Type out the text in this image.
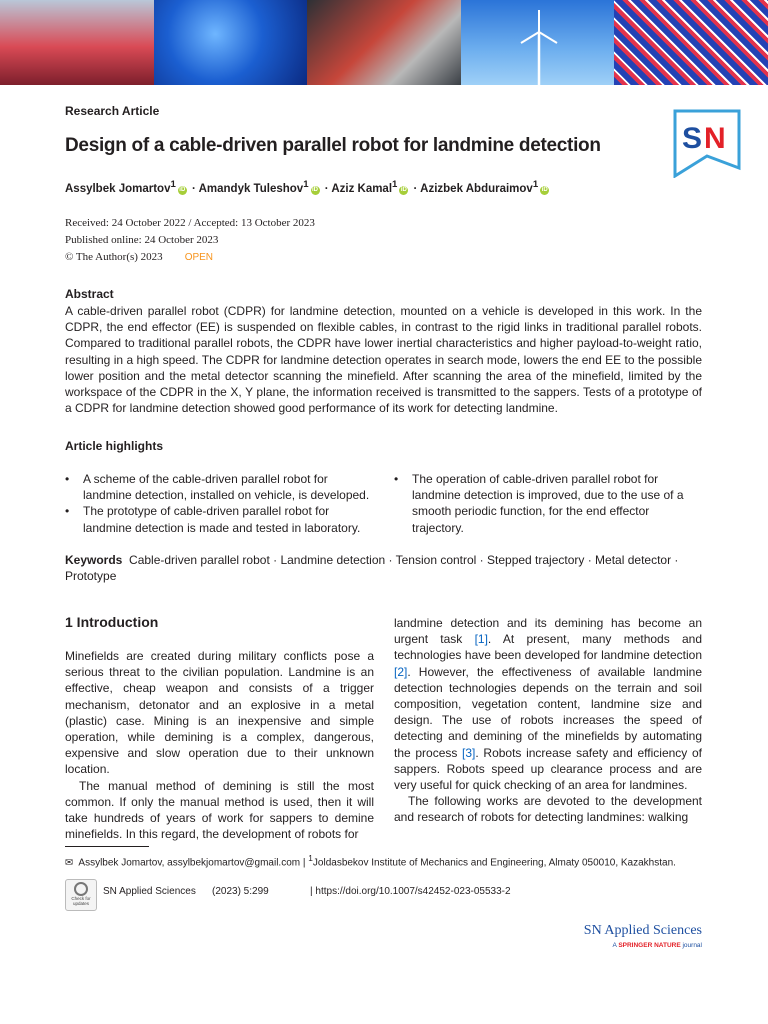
S N
Research Article
Design of a cable-driven parallel robot for landmine detection
Assylbek Jomartov$^1$ iD · Amandyk Tuleshov$^1$ iD · Aziz Kamal$^1$ iD · Azizbek Abduraimov$^1$ iD
Received: 24 October 2022 / Accepted: 13 October 2023
Published online: 24 October 2023
© The Author(s) 2023 OPEN
Abstract
A cable-driven parallel robot (CDPR) for landmine detection, mounted on a vehicle is developed in this work. In the CDPR, the end effector (EE) is suspended on flexible cables, in contrast to the rigid links in traditional parallel robots. Compared to traditional parallel robots, the CDPR have lower inertial characteristics and higher payload-to-weight ratio, resulting in a high speed. The CDPR for landmine detection operates in search mode, lowers the end EE to the possible lower position and the metal detector scanning the minefield. After scanning the area of the minefield, limited by the workspace of the CDPR in the X, Y plane, the information received is transmitted to the sappers. Tests of a prototype of a CDPR for landmine detection showed good performance of its work for detecting landmine.
Article highlights
• A scheme of the cable-driven parallel robot for landmine detection, installed on vehicle, is developed.
• The prototype of cable-driven parallel robot for landmine detection is made and tested in laboratory.
• The operation of cable-driven parallel robot for landmine detection is improved, due to the use of a smooth periodic function, for the end effector trajectory.
Keywords Cable-driven parallel robot · Landmine detection · Tension control · Stepped trajectory · Metal detector · Prototype
1 Introduction

Minefields are created during military conflicts pose a serious threat to the civilian population. Landmine is an effective, cheap weapon and consists of a trigger mechanism, detonator and an explosive in a metal (plastic) case. Mining is an inexpensive and simple operation, while demining is a complex, dangerous, expensive and slow operation due to their unknown location.

The manual method of demining is still the most common. If only the manual method is used, then it will take hundreds of years of work for sappers to demine minefields. In this regard, the development of robots for

landmine detection and its demining has become an urgent task [1]. At present, many methods and technologies have been developed for landmine detection [2]. However, the effectiveness of available landmine detection technologies depends on the terrain and soil composition, vegetation content, landmine size and design. The use of robots increases the speed of detecting and demining of the minefields by automating the process [3]. Robots increase safety and efficiency of sappers. Robots speed up clearance process and are very useful for quick checking of an area for landmines.

The following works are devoted to the development and research of robots for detecting landmines: walking

✉ Assylbek Jomartov, assylbekjomartov@gmail.com | $^1$Joldasbekov Institute of Mechanics and Engineering, Almaty 050010, Kazakhstan.
Check for updates
SN Applied Sciences (2023) 5:299	| https://doi.org/10.1007/s42452-023-05533-2
SN Applied Sciences
A SPRINGER NATURE journal
